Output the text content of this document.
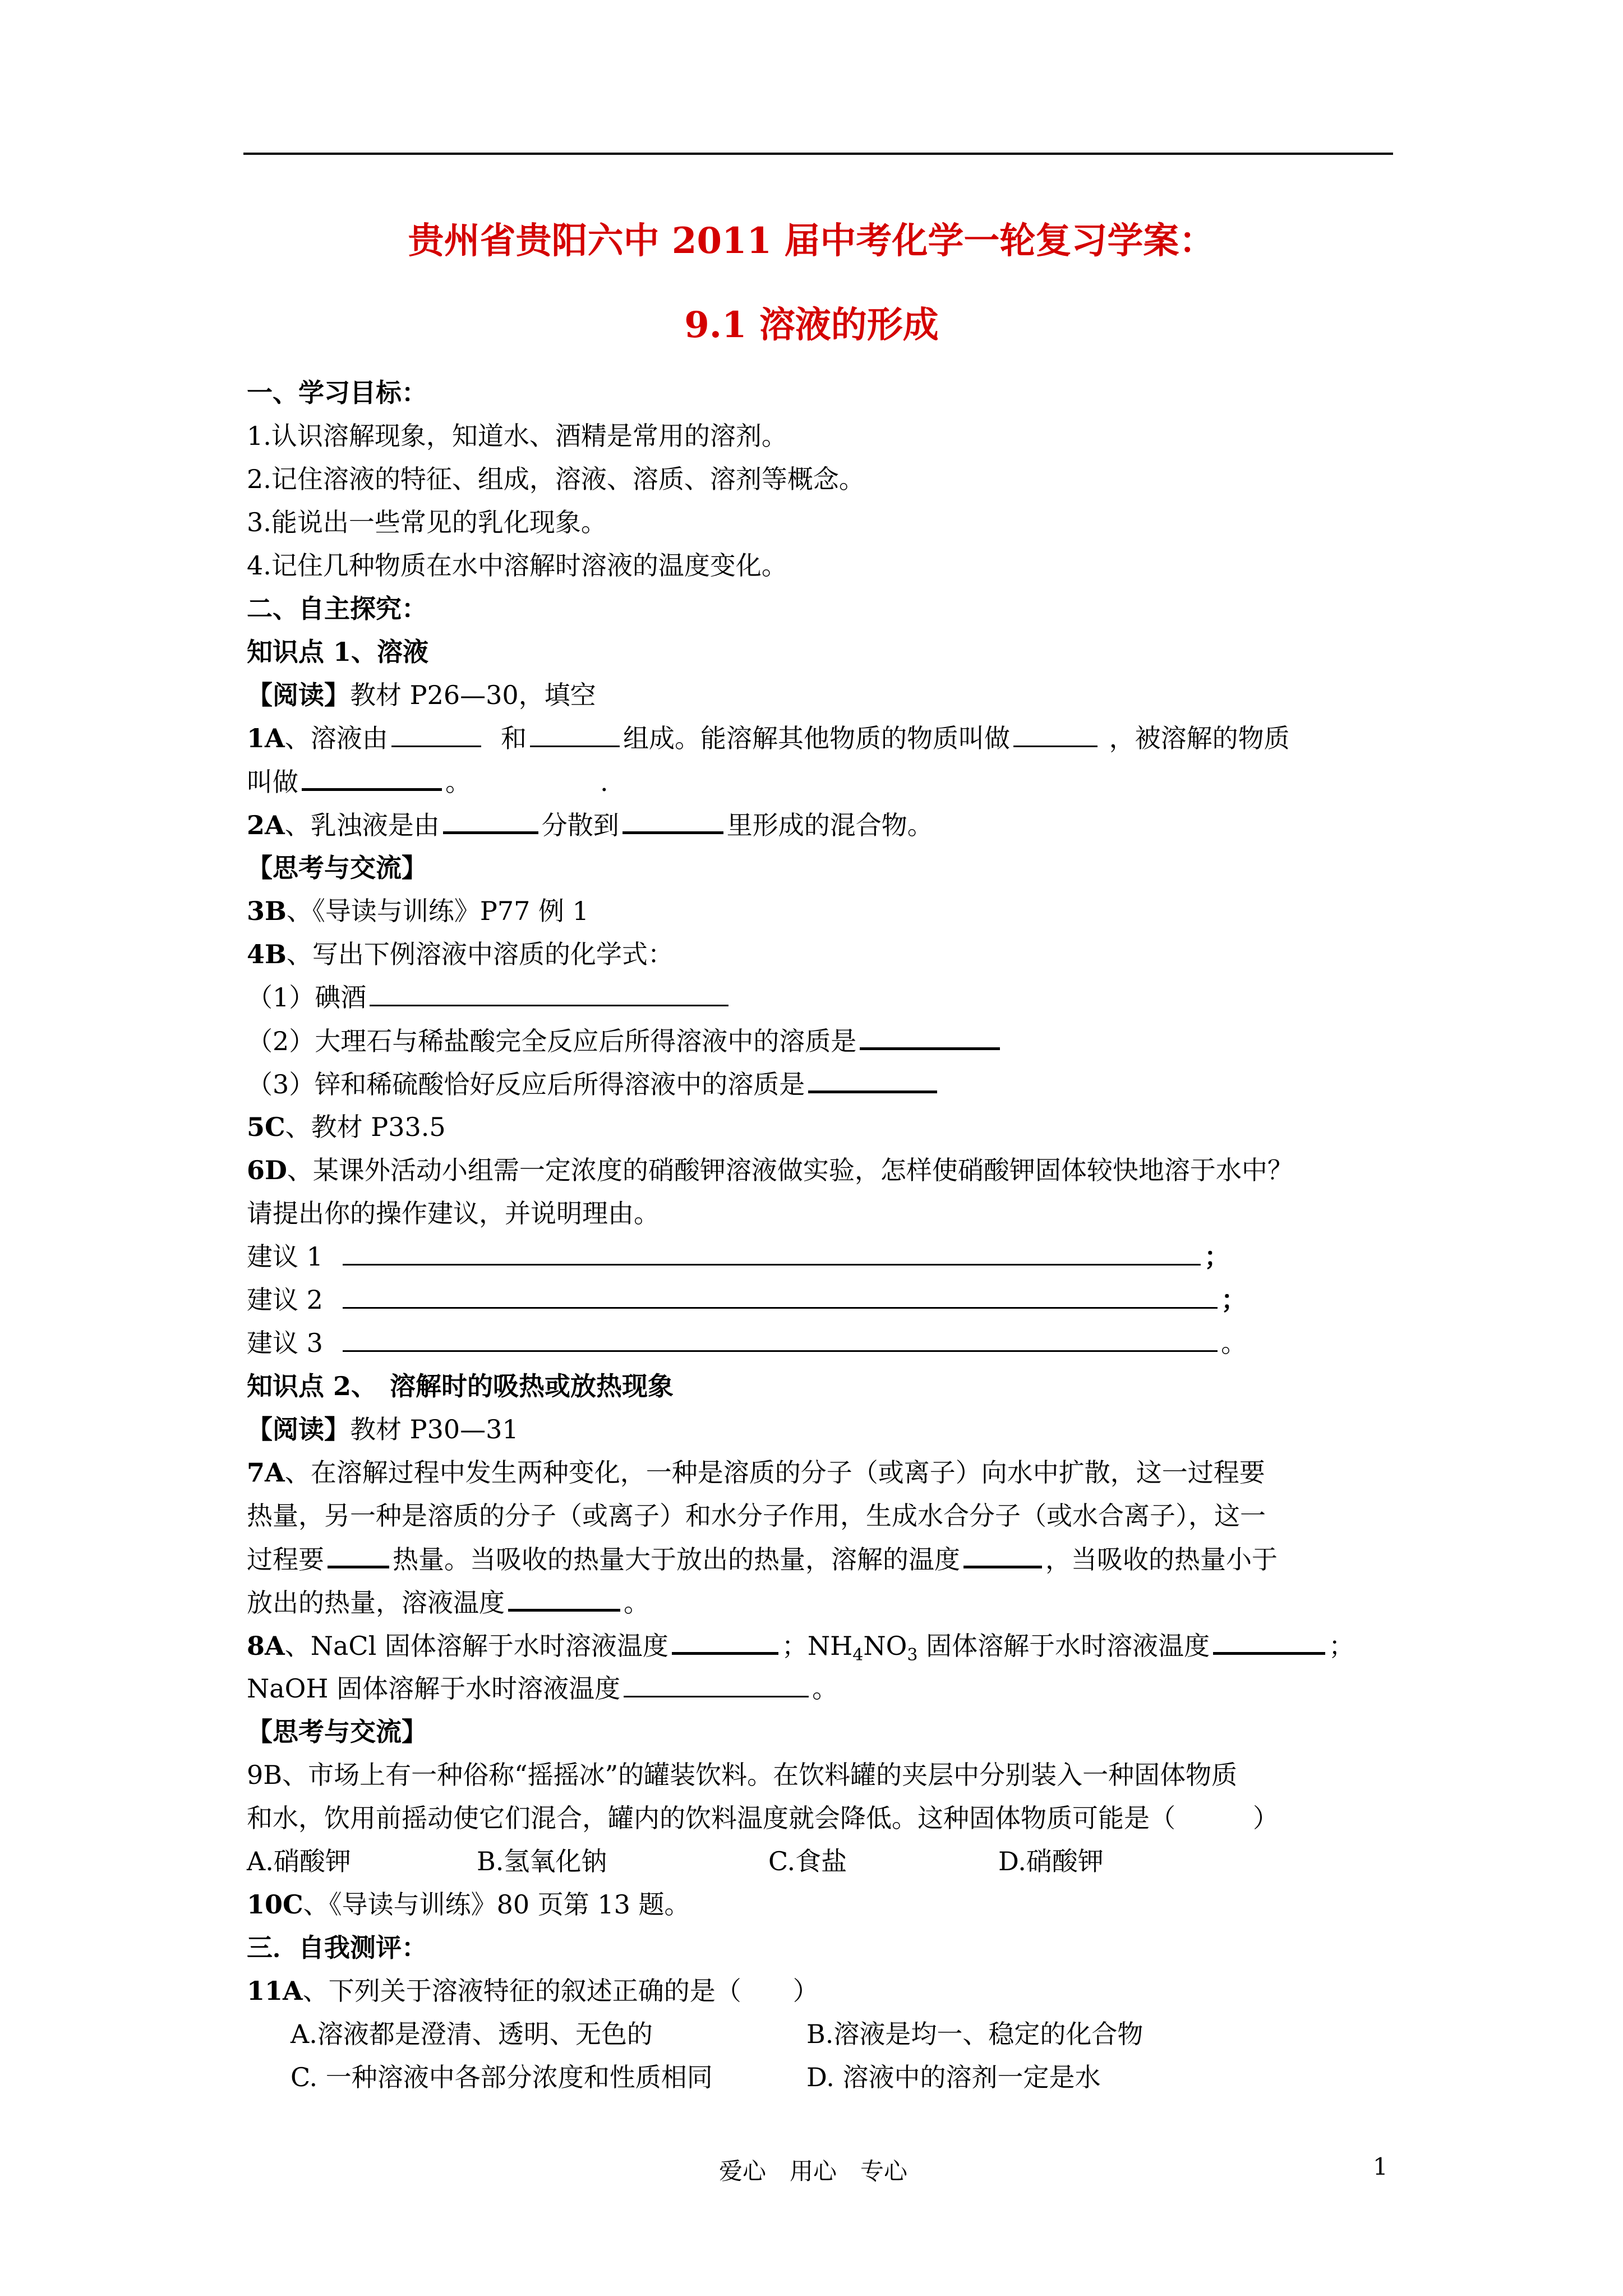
贵州省贵阳六中 2011 届中考化学一轮复习学案：
9.1 溶液的形成
一、学习目标：
1.认识溶解现象，知道水、酒精是常用的溶剂。
2.记住溶液的特征、组成，溶液、溶质、溶剂等概念。
3.能说出一些常见的乳化现象。
4.记住几种物质在水中溶解时溶液的温度变化。
二、自主探究：
知识点 1、溶液
【阅读】教材 P26—30，填空
1A、溶液由	和	组成。能溶解其他物质的物质叫做	，被溶解的物质
叫做	。	.
2A、乳浊液是由	分散到	里形成的混合物。
【思考与交流】
3B、《导读与训练》P77 例 1
4B、写出下例溶液中溶质的化学式：
（1）碘酒
（2）大理石与稀盐酸完全反应后所得溶液中的溶质是
（3）锌和稀硫酸恰好反应后所得溶液中的溶质是
5C、教材 P33.5
6D、某课外活动小组需一定浓度的硝酸钾溶液做实验，怎样使硝酸钾固体较快地溶于水中？
请提出你的操作建议，并说明理由。
建议 1	；
建议 2	；
建议 3	。
知识点 2、　溶解时的吸热或放热现象
【阅读】教材 P30—31
7A、在溶解过程中发生两种变化，一种是溶质的分子（或离子）向水中扩散，这一过程要
热量，另一种是溶质的分子（或离子）和水分子作用，生成水合分子（或水合离子），这一
过程要	热量。当吸收的热量大于放出的热量，溶解的温度	，当吸收的热量小于
放出的热量，溶液温度	。
8A、NaCl 固体溶解于水时溶液温度	；$NH_4NO_3$ 固体溶解于水时溶液温度	；
NaOH 固体溶解于水时溶液温度	。
【思考与交流】
9B、市场上有一种俗称“摇摇冰”的罐装饮料。在饮料罐的夹层中分别装入一种固体物质
和水，饮用前摇动使它们混合，罐内的饮料温度就会降低。这种固体物质可能是（　　　）
A.硝酸钾	B.氢氧化钠	C.食盐	D.硝酸钾
10C、《导读与训练》80 页第 13 题。
三．自我测评：
11A、下列关于溶液特征的叙述正确的是（　　）
A.溶液都是澄清、透明、无色的	B.溶液是均一、稳定的化合物
C. 一种溶液中各部分浓度和性质相同	D. 溶液中的溶剂一定是水
爱心　用心　专心	1
